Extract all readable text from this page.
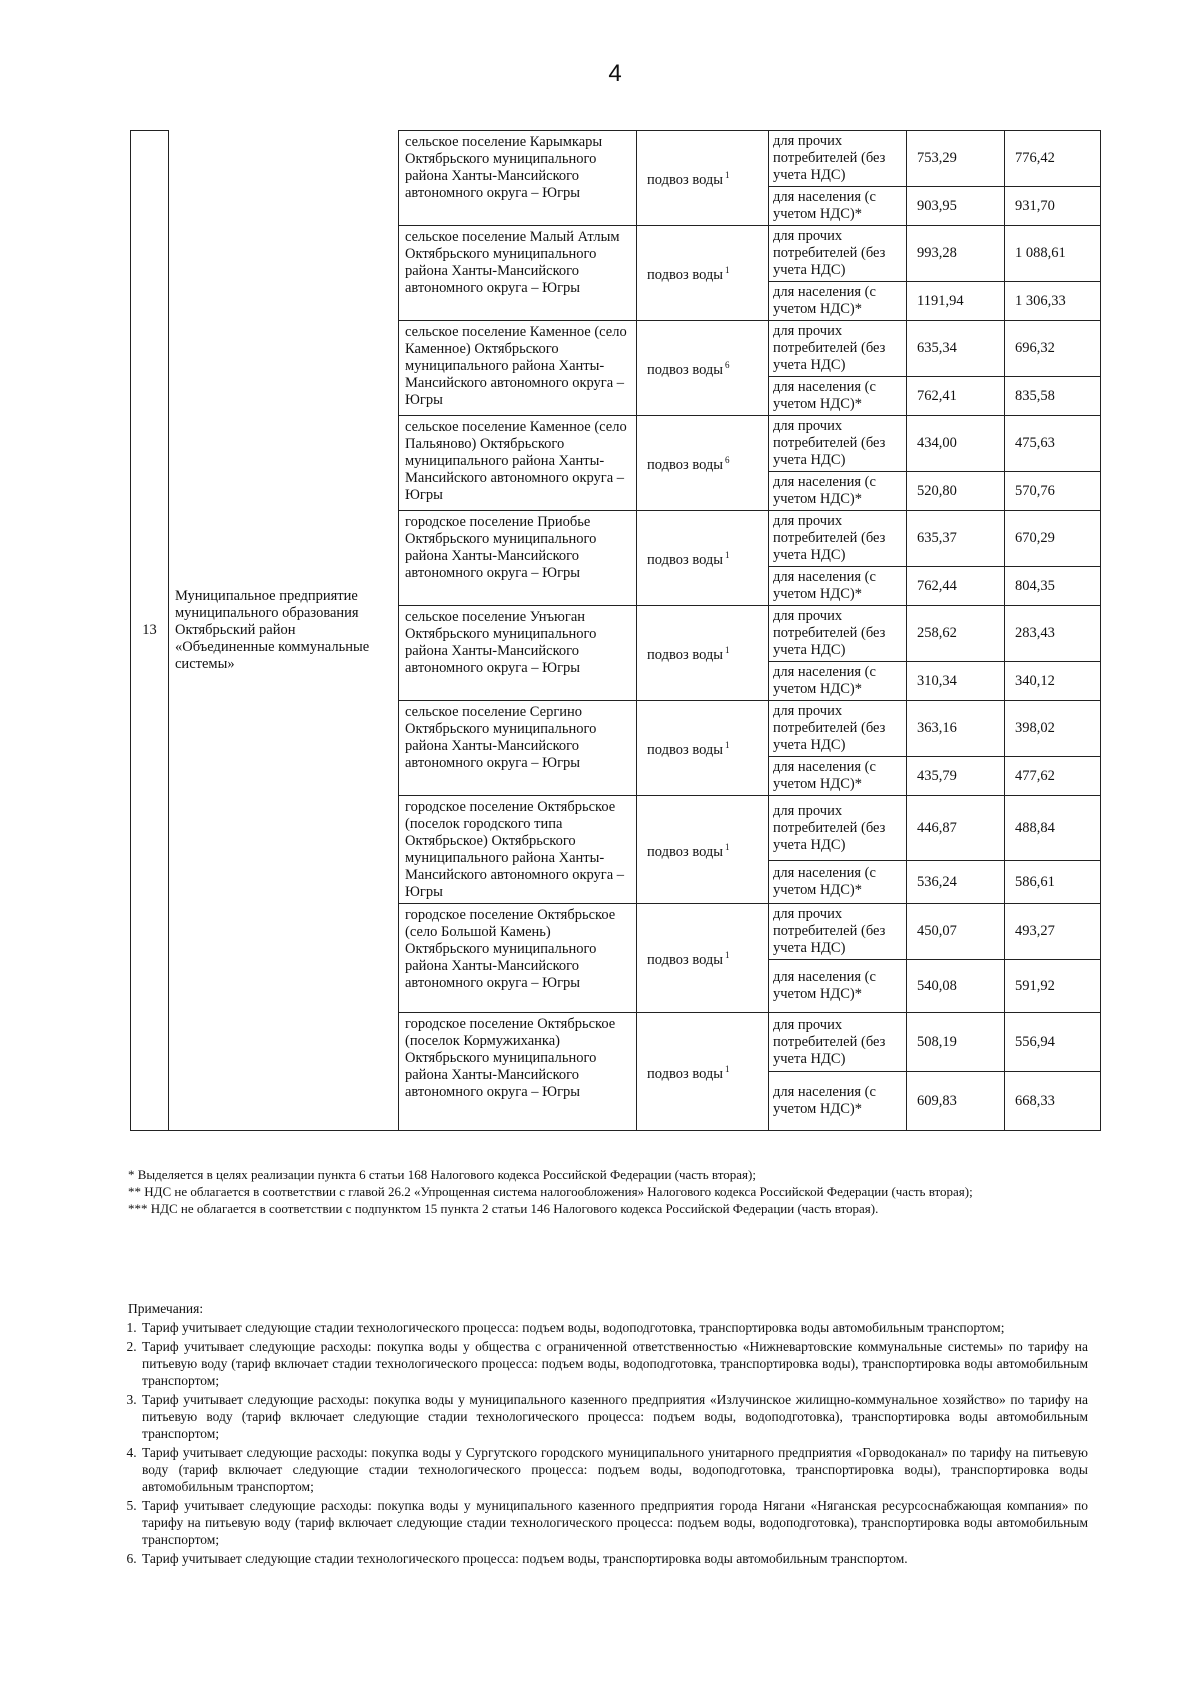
4
13	Муниципальное предприятие муниципального образования Октябрьский район «Объединенные коммунальные системы»	сельское поселение Карымкары Октябрьского муниципального района Ханты-Мансийского автономного округа – Югры	подвоз воды $^1$	для прочих потребителей (без учета НДС)	753,29	776,42
				для населения (с учетом НДС)*	903,95	931,70
		сельское поселение Малый Атлым Октябрьского муниципального района Ханты-Мансийского автономного округа – Югры	подвоз воды $^1$	для прочих потребителей (без учета НДС)	993,28	1 088,61
				для населения (с учетом НДС)*	1191,94	1 306,33
		сельское поселение Каменное (село Каменное) Октябрьского муниципального района Ханты-Мансийского автономного округа – Югры	подвоз воды $^6$	для прочих потребителей (без учета НДС)	635,34	696,32
				для населения (с учетом НДС)*	762,41	835,58
		сельское поселение Каменное (село Пальяново) Октябрьского муниципального района Ханты-Мансийского автономного округа – Югры	подвоз воды $^6$	для прочих потребителей (без учета НДС)	434,00	475,63
				для населения (с учетом НДС)*	520,80	570,76
		городское поселение Приобье Октябрьского муниципального района Ханты-Мансийского автономного округа – Югры	подвоз воды $^1$	для прочих потребителей (без учета НДС)	635,37	670,29
				для населения (с учетом НДС)*	762,44	804,35
		сельское поселение Унъюган Октябрьского муниципального района Ханты-Мансийского автономного округа – Югры	подвоз воды $^1$	для прочих потребителей (без учета НДС)	258,62	283,43
				для населения (с учетом НДС)*	310,34	340,12
		сельское поселение Сергино Октябрьского муниципального района Ханты-Мансийского автономного округа – Югры	подвоз воды $^1$	для прочих потребителей (без учета НДС)	363,16	398,02
				для населения (с учетом НДС)*	435,79	477,62
		городское поселение Октябрьское (поселок городского типа Октябрьское) Октябрьского муниципального района Ханты-Мансийского автономного округа – Югры	подвоз воды $^1$	для прочих потребителей (без учета НДС)	446,87	488,84
				для населения (с учетом НДС)*	536,24	586,61
		городское поселение Октябрьское (село Большой Камень) Октябрьского муниципального района Ханты-Мансийского автономного округа – Югры	подвоз воды $^1$	для прочих потребителей (без учета НДС)	450,07	493,27
				для населения (с учетом НДС)*	540,08	591,92
		городское поселение Октябрьское (поселок Кормужиханка) Октябрьского муниципального района Ханты-Мансийского автономного округа – Югры	подвоз воды $^1$	для прочих потребителей (без учета НДС)	508,19	556,94
				для населения (с учетом НДС)*	609,83	668,33

* Выделяется в целях реализации пункта 6 статьи 168 Налогового кодекса Российской Федерации (часть вторая);

** НДС не облагается в соответствии с главой 26.2 «Упрощенная система налогообложения» Налогового кодекса Российской Федерации (часть вторая);

*** НДС не облагается в соответствии с подпунктом 15 пункта 2 статьи 146 Налогового кодекса Российской Федерации (часть вторая).

Примечания:

1. Тариф учитывает следующие стадии технологического процесса: подъем воды, водоподготовка, транспортировка воды автомобильным транспортом;
2. Тариф учитывает следующие расходы: покупка воды у общества с ограниченной ответственностью «Нижневартовские коммунальные системы» по тарифу на питьевую воду (тариф включает стадии технологического процесса: подъем воды, водоподготовка, транспортировка воды), транспортировка воды автомобильным транспортом;
3. Тариф учитывает следующие расходы: покупка воды у муниципального казенного предприятия «Излучинское жилищно-коммунальное хозяйство» по тарифу на питьевую воду (тариф включает следующие стадии технологического процесса: подъем воды, водоподготовка), транспортировка воды автомобильным транспортом;
4. Тариф учитывает следующие расходы: покупка воды у Сургутского городского муниципального унитарного предприятия «Горводоканал» по тарифу на питьевую воду (тариф включает следующие стадии технологического процесса: подъем воды, водоподготовка, транспортировка воды), транспортировка воды автомобильным транспортом;
5. Тариф учитывает следующие расходы: покупка воды у муниципального казенного предприятия города Нягани «Няганская ресурсоснабжающая компания» по тарифу на питьевую воду (тариф включает следующие стадии технологического процесса: подъем воды, водоподготовка), транспортировка воды автомобильным транспортом;
6. Тариф учитывает следующие стадии технологического процесса: подъем воды, транспортировка воды автомобильным транспортом.
